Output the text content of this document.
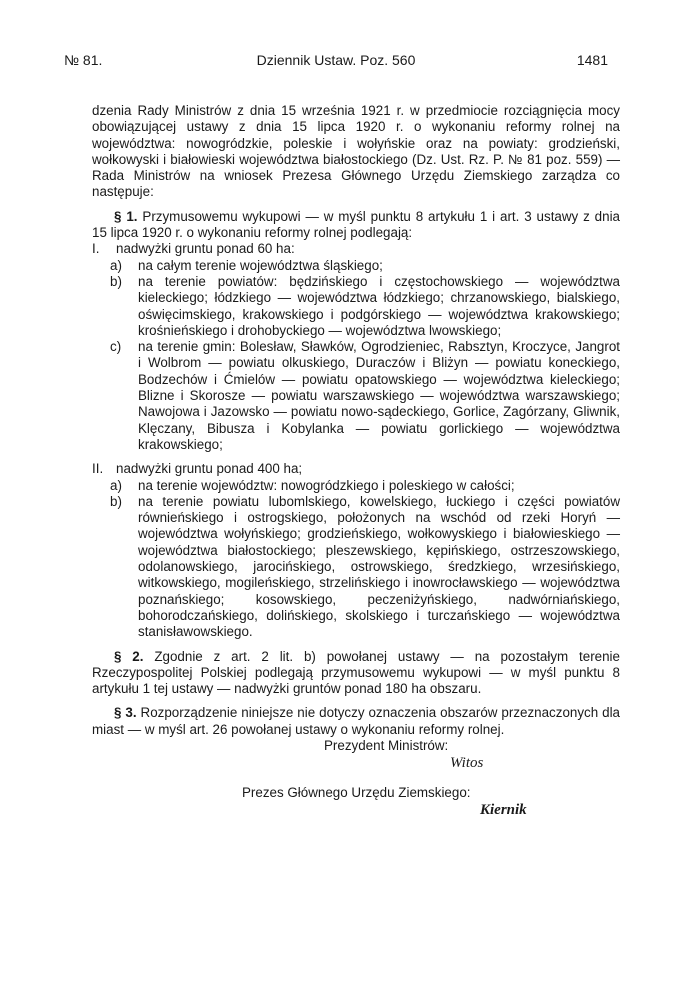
№ 81.	Dziennik Ustaw. Poz. 560	1481

dzenia Rady Ministrów z dnia 15 września 1921 r. w przedmiocie rozciągnięcia mocy obowiązującej ustawy z dnia 15 lipca 1920 r. o wykonaniu reformy rolnej na województwa: nowogródzkie, poleskie i wołyńskie oraz na powiaty: grodzieński, wołkowyski i białowieski województwa białostockiego (Dz. Ust. Rz. P. № 81 poz. 559) — Rada Ministrów na wniosek Prezesa Głównego Urzędu Ziemskiego zarządza co następuje:

§ 1. Przymusowemu wykupowi — w myśl punktu 8 artykułu 1 i art. 3 ustawy z dnia 15 lipca 1920 r. o wykonaniu reformy rolnej podlegają:

I.	nadwyżki gruntu ponad 60 ha:
a)	na całym terenie województwa śląskiego;
b)	na terenie powiatów: będzińskiego i częstochowskiego — województwa kieleckiego; łódzkiego — województwa łódzkiego; chrzanowskiego, bialskiego, oświęcimskiego, krakowskiego i podgórskiego — województwa krakowskiego; krośnieńskiego i drohobyckiego — województwa lwowskiego;
c)	na terenie gmin: Bolesław, Sławków, Ogrodzieniec, Rabsztyn, Kroczyce, Jangrot i Wolbrom — powiatu olkuskiego, Duraczów i Bliżyn — powiatu koneckiego, Bodzechów i Ćmielów — powiatu opatowskiego — województwa kieleckiego; Blizne i Skorosze — powiatu warszawskiego — województwa warszawskiego; Nawojowa i Jazowsko — powiatu nowo-sądeckiego, Gorlice, Zagórzany, Gliwnik, Klęczany, Bibusza i Kobylanka — powiatu gorlickiego — województwa krakowskiego;
II. nadwyżki gruntu ponad 400 ha;
a)	na terenie województw: nowogródzkiego i poleskiego w całości;
b)	na terenie powiatu lubomlskiego, kowelskiego, łuckiego i części powiatów równieńskiego i ostrogskiego, położonych na wschód od rzeki Horyń — województwa wołyńskiego; grodzieńskiego, wołkowyskiego i białowieskiego — województwa białostockiego; pleszewskiego, kępińskiego, ostrzeszowskiego, odolanowskiego, jarocińskiego, ostrowskiego, średzkiego, wrzesińskiego, witkowskiego, mogileńskiego, strzelińskiego i inowrocławskiego — województwa poznańskiego; kosowskiego, peczeniżyńskiego, nadwórniańskiego, bohorodczańskiego, dolińskiego, skolskiego i turczańskiego — województwa stanisławowskiego.

§ 2. Zgodnie z art. 2 lit. b) powołanej ustawy — na pozostałym terenie Rzeczypospolitej Polskiej podlegają przymusowemu wykupowi — w myśl punktu 8 artykułu 1 tej ustawy — nadwyżki gruntów ponad 180 ha obszaru.

§ 3. Rozporządzenie niniejsze nie dotyczy oznaczenia obszarów przeznaczonych dla miast — w myśl art. 26 powołanej ustawy o wykonaniu reformy rolnej.

Prezydent Ministrów:
Witos
Prezes Głównego Urzędu Ziemskiego:
Kiernik
